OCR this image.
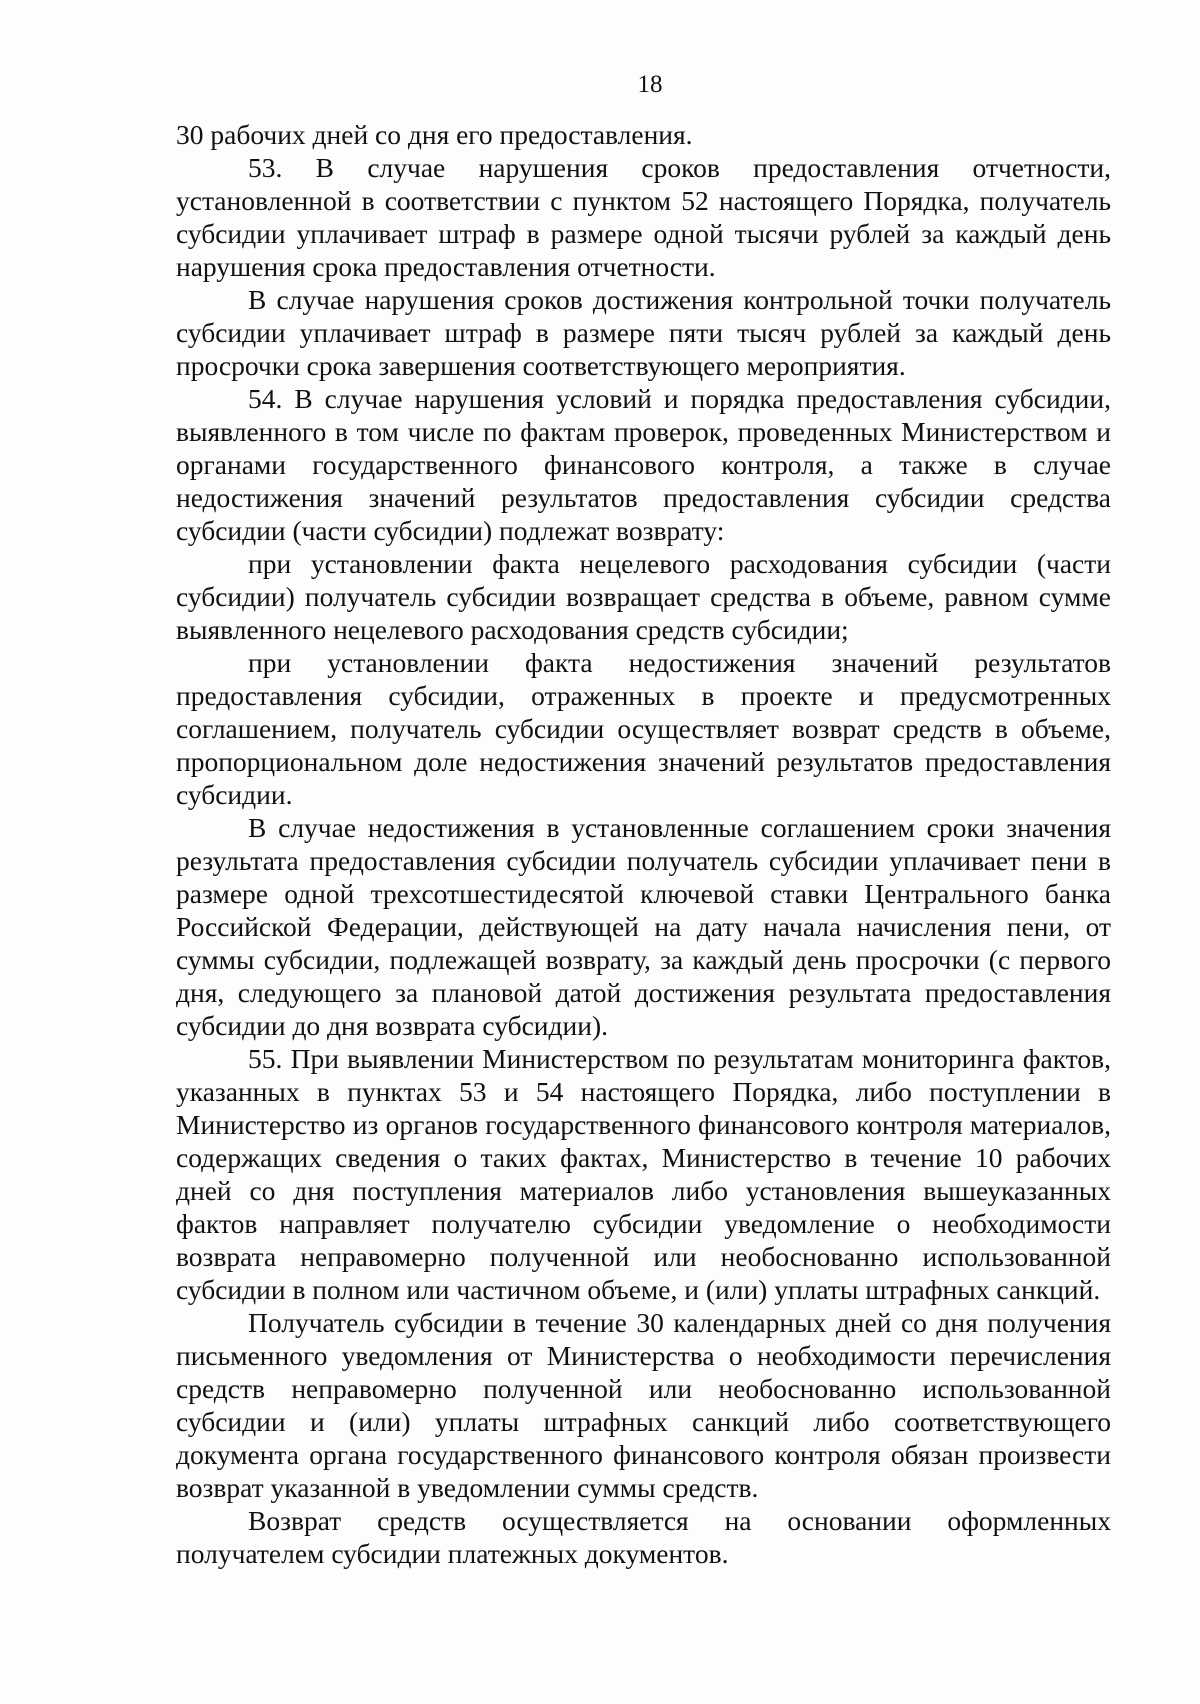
18

30 рабочих дней со дня его предоставления.

53. В случае нарушения сроков предоставления отчетности, установленной в соответствии с пунктом 52 настоящего Порядка, получатель субсидии уплачивает штраф в размере одной тысячи рублей за каждый день нарушения срока предоставления отчетности.

В случае нарушения сроков достижения контрольной точки получатель субсидии уплачивает штраф в размере пяти тысяч рублей за каждый день просрочки срока завершения соответствующего мероприятия.

54. В случае нарушения условий и порядка предоставления субсидии, выявленного в том числе по фактам проверок, проведенных Министерством и органами государственного финансового контроля, а также в случае недостижения значений результатов предоставления субсидии средства субсидии (части субсидии) подлежат возврату:

при установлении факта нецелевого расходования субсидии (части субсидии) получатель субсидии возвращает средства в объеме, равном сумме выявленного нецелевого расходования средств субсидии;

при установлении факта недостижения значений результатов предоставления субсидии, отраженных в проекте и предусмотренных соглашением, получатель субсидии осуществляет возврат средств в объеме, пропорциональном доле недостижения значений результатов предоставления субсидии.

В случае недостижения в установленные соглашением сроки значения результата предоставления субсидии получатель субсидии уплачивает пени в размере одной трехсотшестидесятой ключевой ставки Центрального банка Российской Федерации, действующей на дату начала начисления пени, от суммы субсидии, подлежащей возврату, за каждый день просрочки (с первого дня, следующего за плановой датой достижения результата предоставления субсидии до дня возврата субсидии).

55. При выявлении Министерством по результатам мониторинга фактов, указанных в пунктах 53 и 54 настоящего Порядка, либо поступлении в Министерство из органов государственного финансового контроля материалов, содержащих сведения о таких фактах, Министерство в течение 10 рабочих дней со дня поступления материалов либо установления вышеуказанных фактов направляет получателю субсидии уведомление о необходимости возврата неправомерно полученной или необоснованно использованной субсидии в полном или частичном объеме, и (или) уплаты штрафных санкций.

Получатель субсидии в течение 30 календарных дней со дня получения письменного уведомления от Министерства о необходимости перечисления средств неправомерно полученной или необоснованно использованной субсидии и (или) уплаты штрафных санкций либо соответствующего документа органа государственного финансового контроля обязан произвести возврат указанной в уведомлении суммы средств.

Возврат средств осуществляется на основании оформленных получателем субсидии платежных документов.
